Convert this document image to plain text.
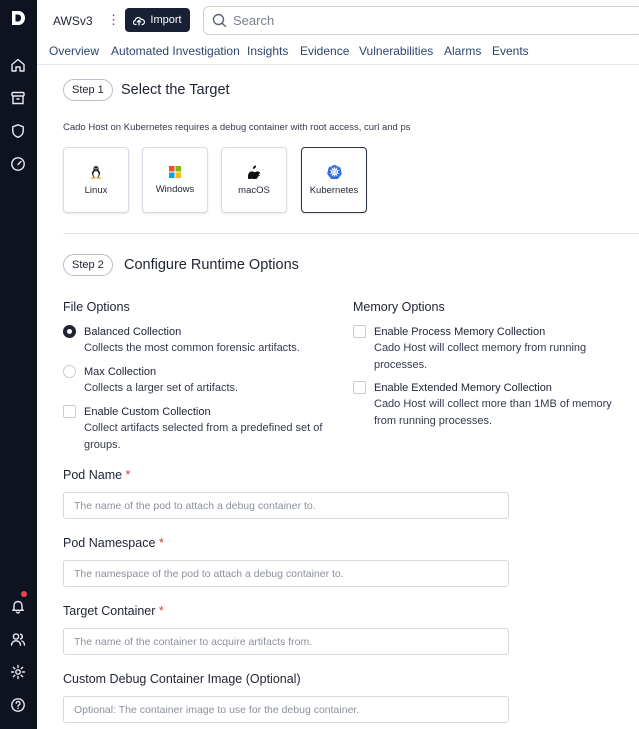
AWSv3 ⋮	Import
Search
Overview Automated Investigation Insights Evidence Vulnerabilities Alarms Events
Step 1	Select the Target
Cado Host on Kubernetes requires a debug container with root access, curl and ps
Linux	Windows	macOS	Kubernetes
Step 2	Configure Runtime Options
File Options	Memory Options
Balanced Collection
Collects the most common forensic artifacts.
Max Collection
Collects a larger set of artifacts.
Enable Custom Collection
Collect artifacts selected from a predefined set of groups.
Enable Process Memory Collection
Cado Host will collect memory from running processes.
Enable Extended Memory Collection
Cado Host will collect more than 1MB of memory from running processes.
Pod Name *
The name of the pod to attach a debug container to.
Pod Namespace *
The namespace of the pod to attach a debug container to.
Target Container *
The name of the container to acquire artifacts from.
Custom Debug Container Image (Optional)
Optional: The container image to use for the debug container.
